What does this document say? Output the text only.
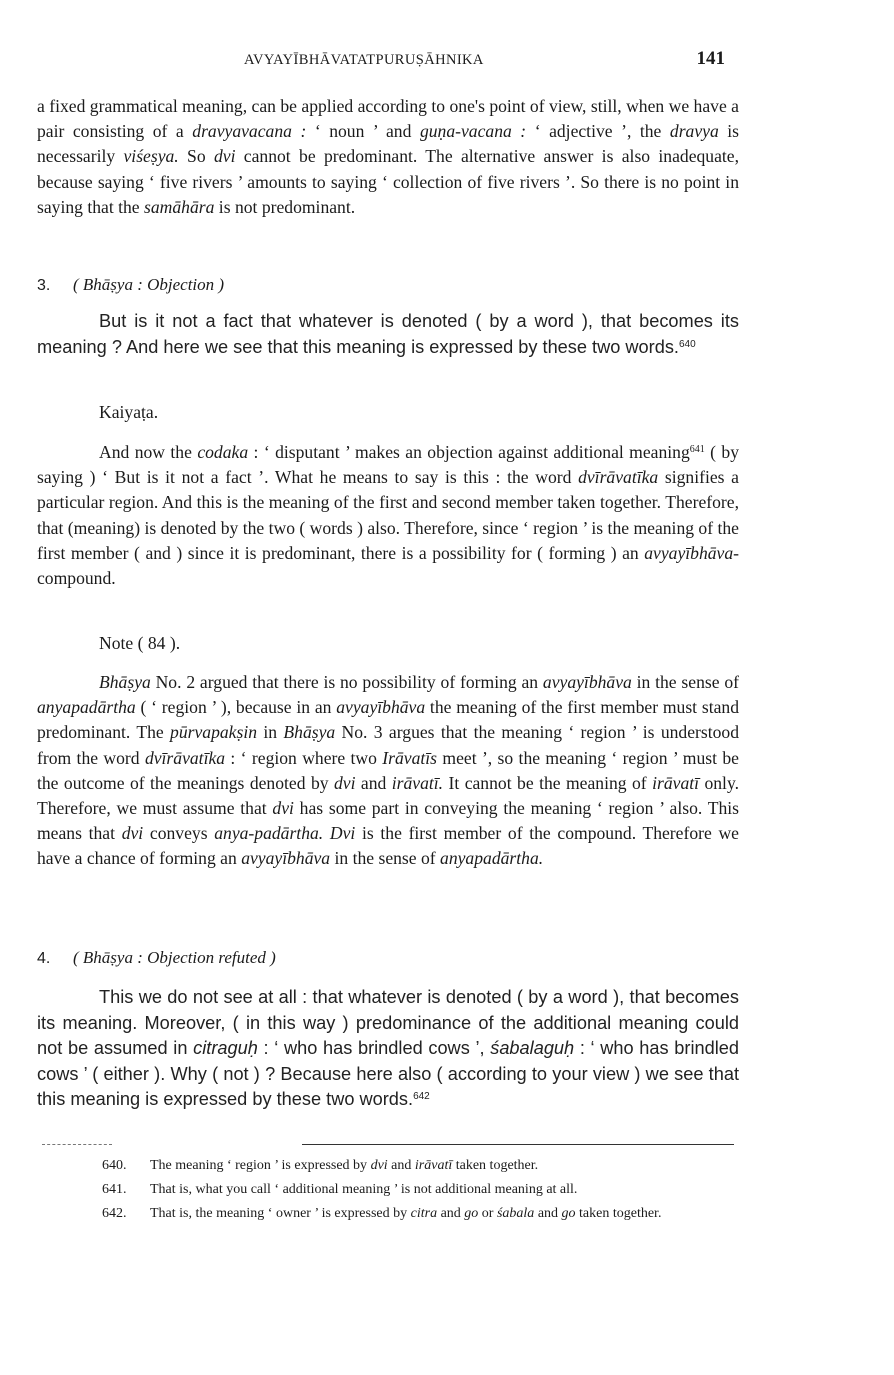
AVYAYĪBHĀVATATPURUṢĀHNIKA	141
a fixed grammatical meaning, can be applied according to one's point of view, still, when we have a pair consisting of a dravyavacana : ‘ noun ’ and guṇa-vacana : ‘ adjective ’, the dravya is necessarily viśeṣya. So dvi cannot be predominant. The alternative answer is also inadequate, because saying ‘ five rivers ’ amounts to saying ‘ collection of five rivers ’. So there is no point in saying that the samāhāra is not predominant.
3. ( Bhāṣya : Objection )
But is it not a fact that whatever is denoted ( by a word ), that becomes its meaning ? And here we see that this meaning is expressed by these two words.$^{640}$
Kaiyaṭa.
And now the codaka : ‘ disputant ’ makes an objection against additional meaning$^{641}$ ( by saying ) ‘ But is it not a fact ’. What he means to say is this : the word dvīrāvatīka signifies a particular region. And this is the meaning of the first and second member taken together. Therefore, that (meaning) is denoted by the two ( words ) also. Therefore, since ‘ region ’ is the meaning of the first member ( and ) since it is predominant, there is a possibility for ( forming ) an avyayībhāva-compound.
Note ( 84 ).
Bhāṣya No. 2 argued that there is no possibility of forming an avyayībhāva in the sense of anyapadārtha ( ‘ region ’ ), because in an avyayībhāva the meaning of the first member must stand predominant. The pūrvapakṣin in Bhāṣya No. 3 argues that the meaning ‘ region ’ is understood from the word dvīrāvatīka : ‘ region where two Irāvatīs meet ’, so the meaning ‘ region ’ must be the outcome of the meanings denoted by dvi and irāvatī. It cannot be the meaning of irāvatī only. Therefore, we must assume that dvi has some part in conveying the meaning ‘ region ’ also. This means that dvi conveys anya-padārtha. Dvi is the first member of the compound. Therefore we have a chance of forming an avyayībhāva in the sense of anyapadārtha.
4. ( Bhāṣya : Objection refuted )
This we do not see at all : that whatever is denoted ( by a word ), that becomes its meaning. Moreover, ( in this way ) predominance of the additional meaning could not be assumed in citraguḥ : ‘ who has brindled cows ’, śabalaguḥ : ‘ who has brindled cows ’ ( either ). Why ( not ) ? Because here also ( according to your view ) we see that this meaning is expressed by these two words.$^{642}$
640. The meaning ‘ region ’ is expressed by dvi and irāvatī taken together.
641. That is, what you call ‘ additional meaning ’ is not additional meaning at all.
642. That is, the meaning ‘ owner ’ is expressed by citra and go or śabala and go taken together.
